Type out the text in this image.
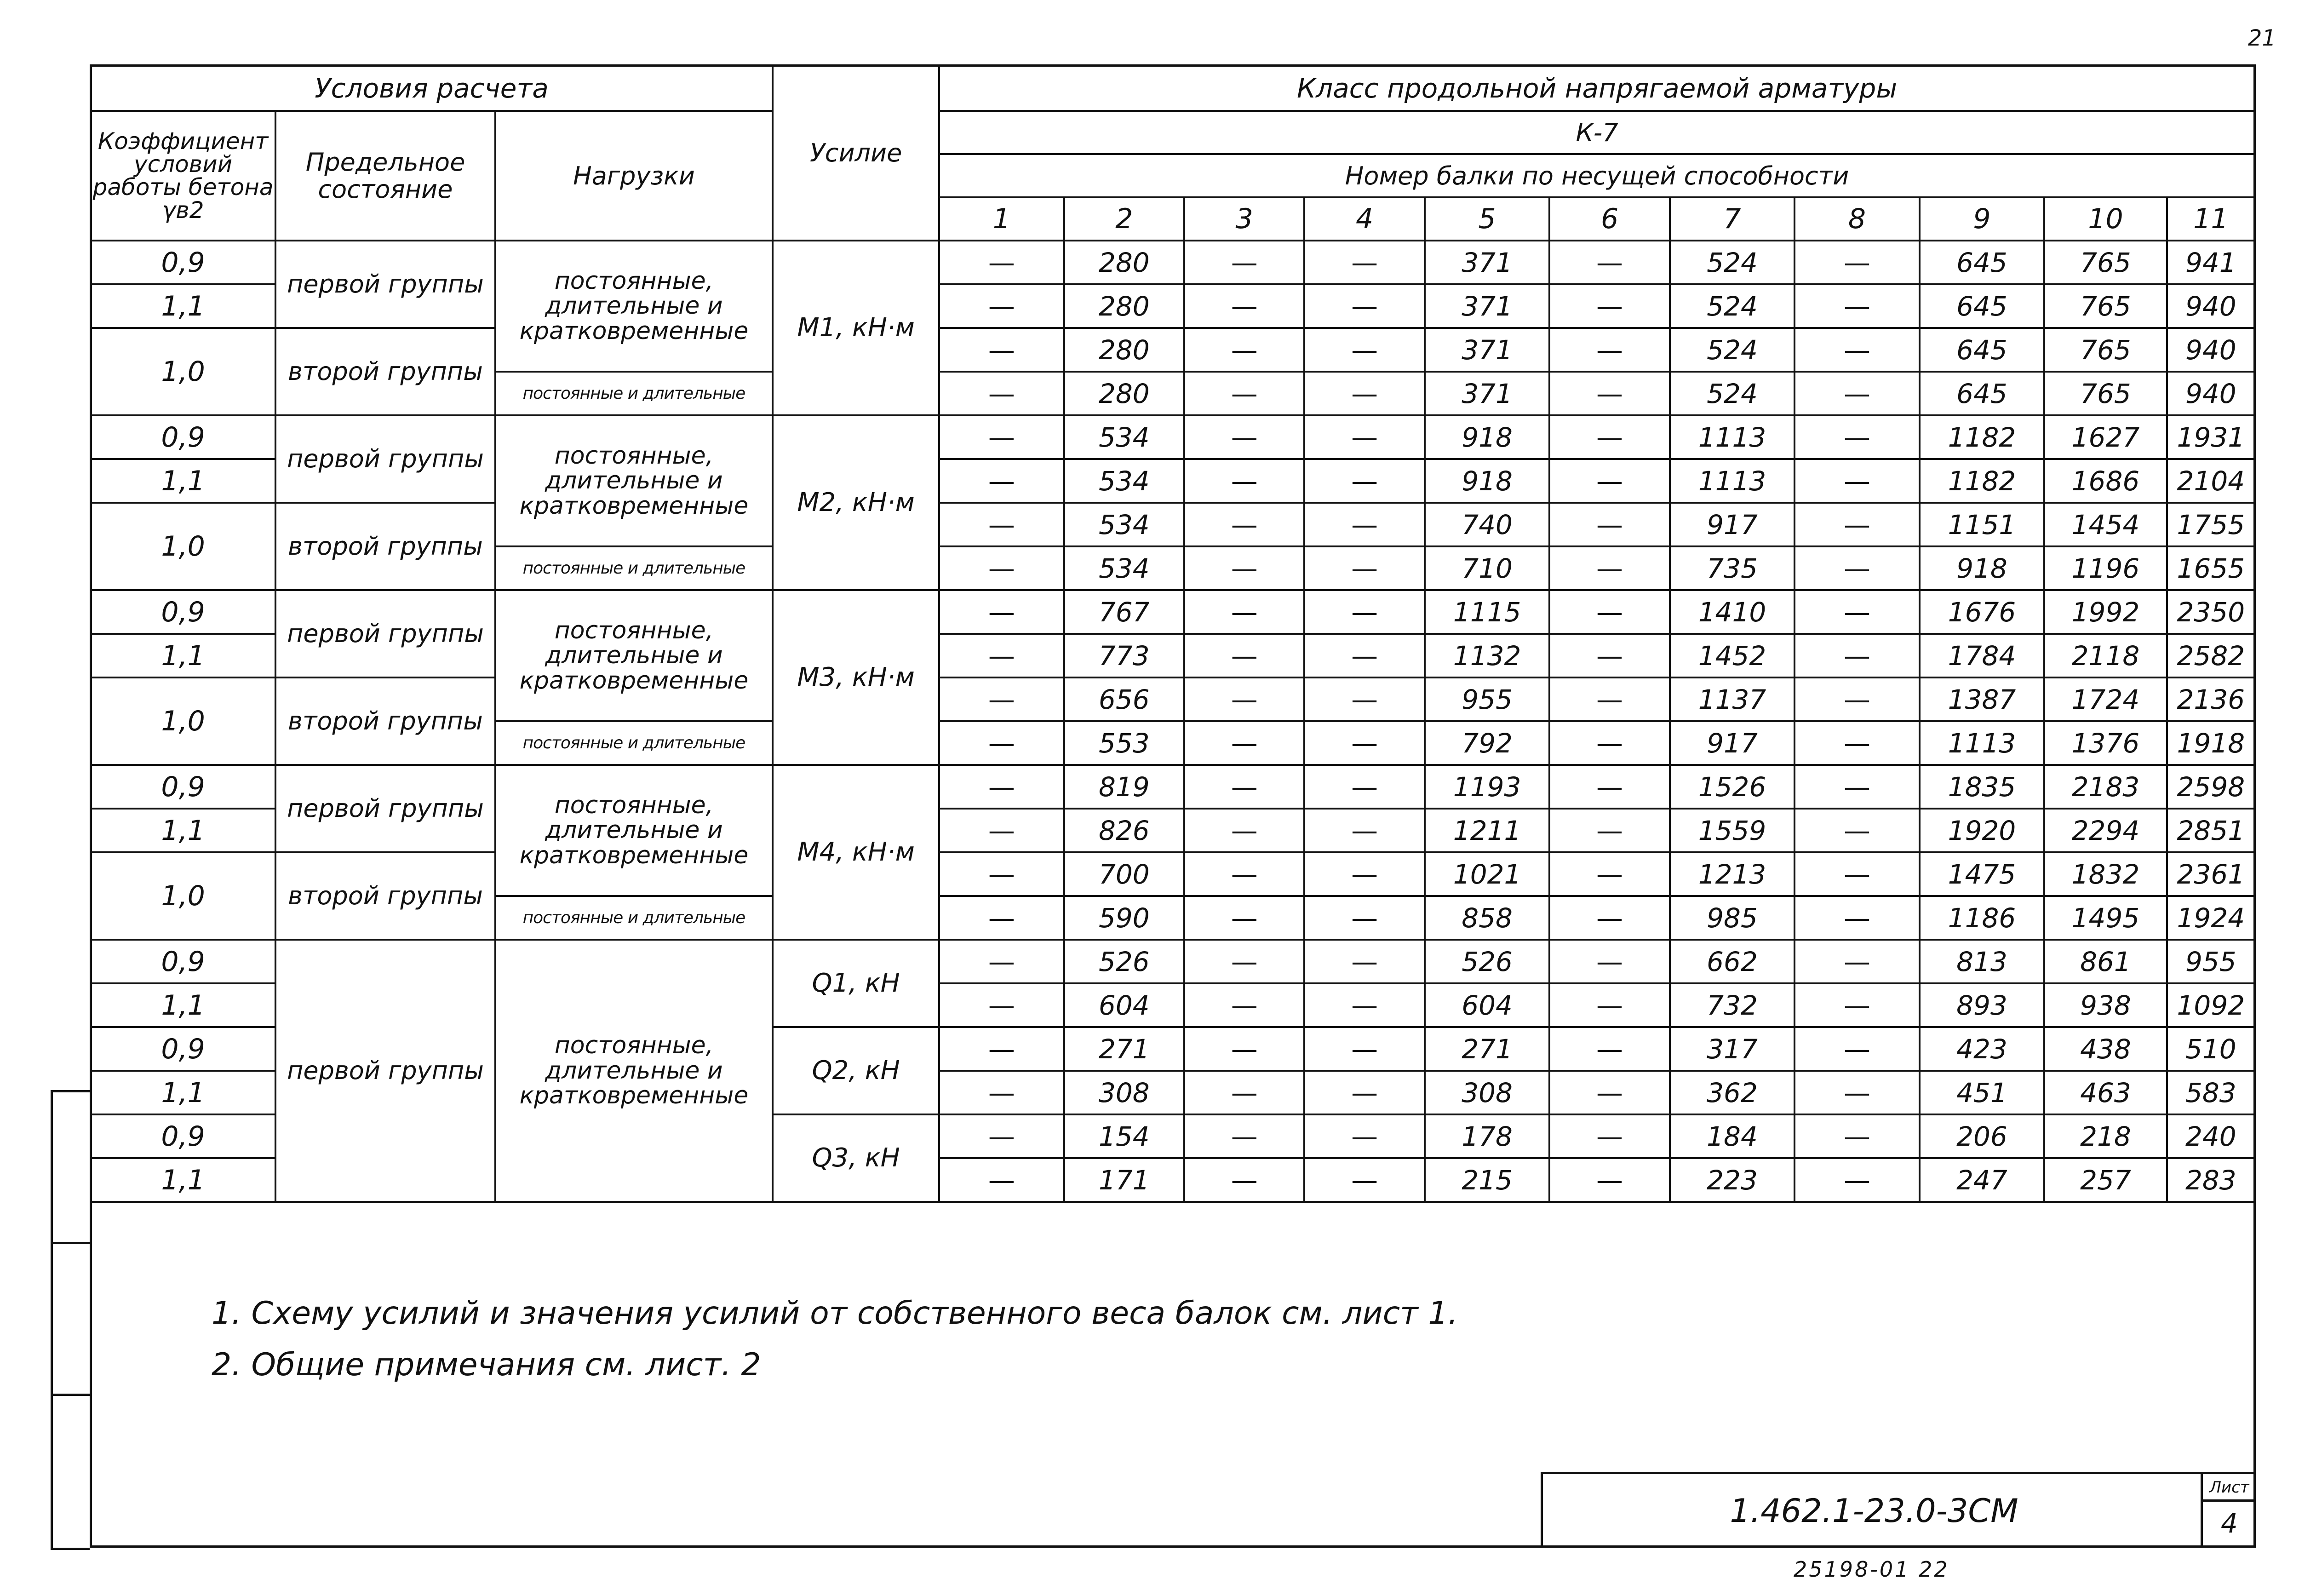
21
Условия расчета			Усилие	Класс продольной напрягаемой арматуры										
Коэффициент условий работы бетона γв2	Предельное состояние	Нагрузки		К-7										
				Номер балки по несущей способности										
				1	2	3	4	5	6	7	8	9	10	11
0,9	первой группы	постоянные, длительные и кратковременные	М1, кН·м	—	280	—	—	371	—	524	—	645	765	941
1,1				—	280	—	—	371	—	524	—	645	765	940
1,0	второй группы			—	280	—	—	371	—	524	—	645	765	940
		постоянные и длительные		—	280	—	—	371	—	524	—	645	765	940
0,9	первой группы	постоянные, длительные и кратковременные	М2, кН·м	—	534	—	—	918	—	1113	—	1182	1627	1931
1,1				—	534	—	—	918	—	1113	—	1182	1686	2104
1,0	второй группы			—	534	—	—	740	—	917	—	1151	1454	1755
		постоянные и длительные		—	534	—	—	710	—	735	—	918	1196	1655
0,9	первой группы	постоянные, длительные и кратковременные	М3, кН·м	—	767	—	—	1115	—	1410	—	1676	1992	2350
1,1				—	773	—	—	1132	—	1452	—	1784	2118	2582
1,0	второй группы			—	656	—	—	955	—	1137	—	1387	1724	2136
		постоянные и длительные		—	553	—	—	792	—	917	—	1113	1376	1918
0,9	первой группы	постоянные, длительные и кратковременные	М4, кН·м	—	819	—	—	1193	—	1526	—	1835	2183	2598
1,1				—	826	—	—	1211	—	1559	—	1920	2294	2851
1,0	второй группы			—	700	—	—	1021	—	1213	—	1475	1832	2361
		постоянные и длительные		—	590	—	—	858	—	985	—	1186	1495	1924
0,9	первой группы	постоянные, длительные и кратковременные	Q1, кН	—	526	—	—	526	—	662	—	813	861	955
1,1				—	604	—	—	604	—	732	—	893	938	1092
0,9			Q2, кН	—	271	—	—	271	—	317	—	423	438	510
1,1				—	308	—	—	308	—	362	—	451	463	583
0,9			Q3, кН	—	154	—	—	178	—	184	—	206	218	240
1,1				—	171	—	—	215	—	223	—	247	257	283
1. Схему усилий и значения усилий от собственного веса балок см. лист 1.
2. Общие примечания см. лист. 2
1.462.1-23.0-3СМ
Лист
4
25198-01 22
